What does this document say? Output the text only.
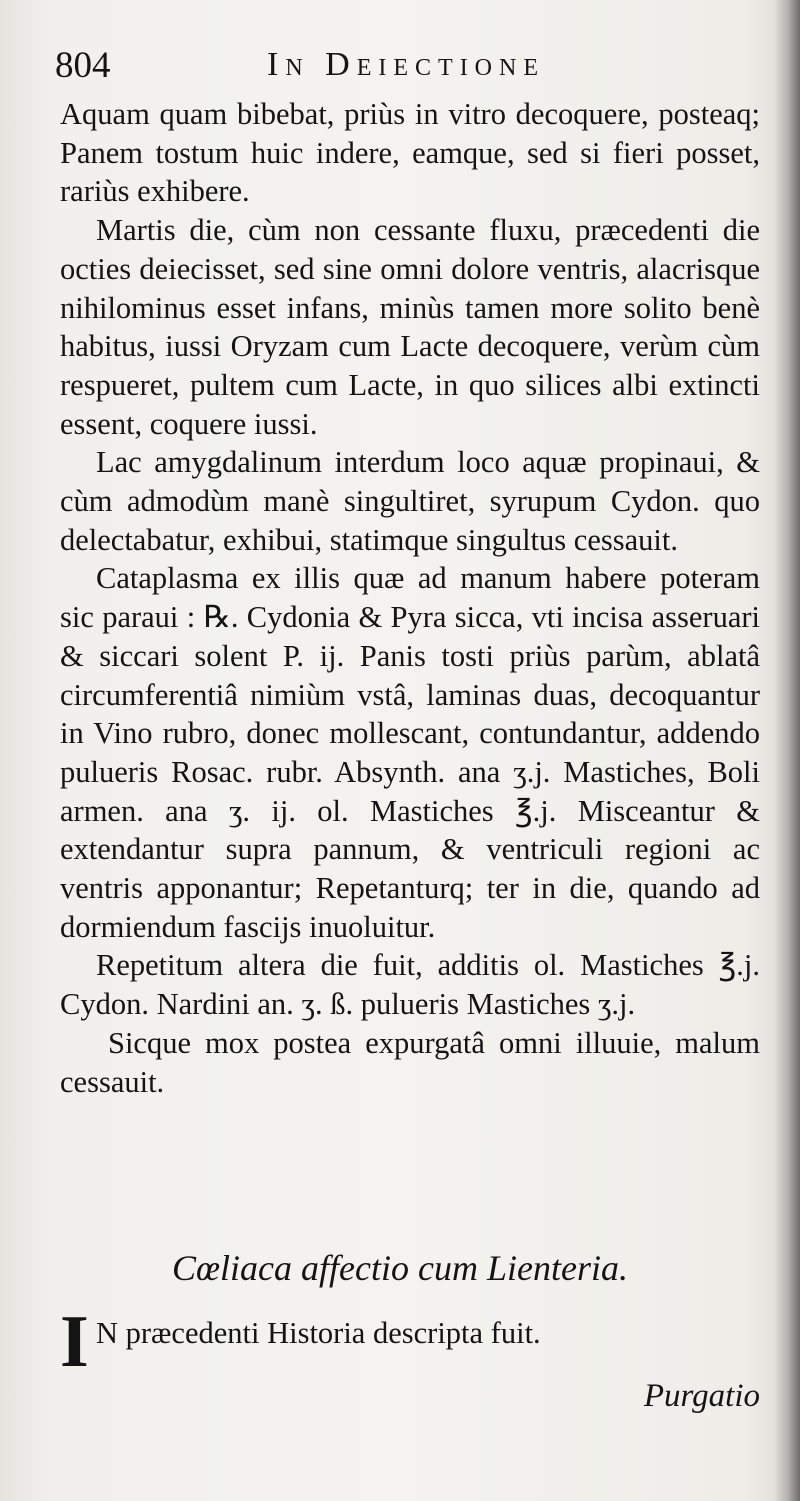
804	In Deiectione

Aquam quam bibebat, priùs in vitro decoquere, posteaq; Panem tostum huic indere, eamque, sed si fieri posset, rariùs exhibere.

Martis die, cùm non cessante fluxu, præcedenti die octies deiecisset, sed sine omni dolore ventris, alacrisque nihilominus esset infans, minùs tamen more solito benè habitus, iussi Oryzam cum Lacte decoquere, verùm cùm respueret, pultem cum Lacte, in quo silices albi extincti essent, coquere iussi.

Lac amygdalinum interdum loco aquæ propinaui, & cùm admodùm manè singultiret, syrupum Cydon. quo delectabatur, exhibui, statimque singultus cessauit.

Cataplasma ex illis quæ ad manum habere poteram sic paraui : ℞. Cydonia & Pyra sicca, vti incisa asseruari & siccari solent P. ij. Panis tosti priùs parùm, ablatâ circumferentiâ nimiùm vstâ, laminas duas, decoquantur in Vino rubro, donec mollescant, contundantur, addendo pulueris Rosac. rubr. Absynth. ana ʒ.j. Mastiches, Boli armen. ana ʒ. ij. ol. Mastiches ℥.j. Misceantur & extendantur supra pannum, & ventriculi regioni ac ventris apponantur; Repetanturq; ter in die, quando ad dormiendum fascijs inuoluitur.

Repetitum altera die fuit, additis ol. Mastiches ℥.j. Cydon. Nardini an. ʒ. ß. pulueris Mastiches ʒ.j.

Sicque mox postea expurgatâ omni illuuie, malum cessauit.

Cœliaca affectio cum Lienteria.
I N præcedenti Historia descripta fuit.
Purgatio
